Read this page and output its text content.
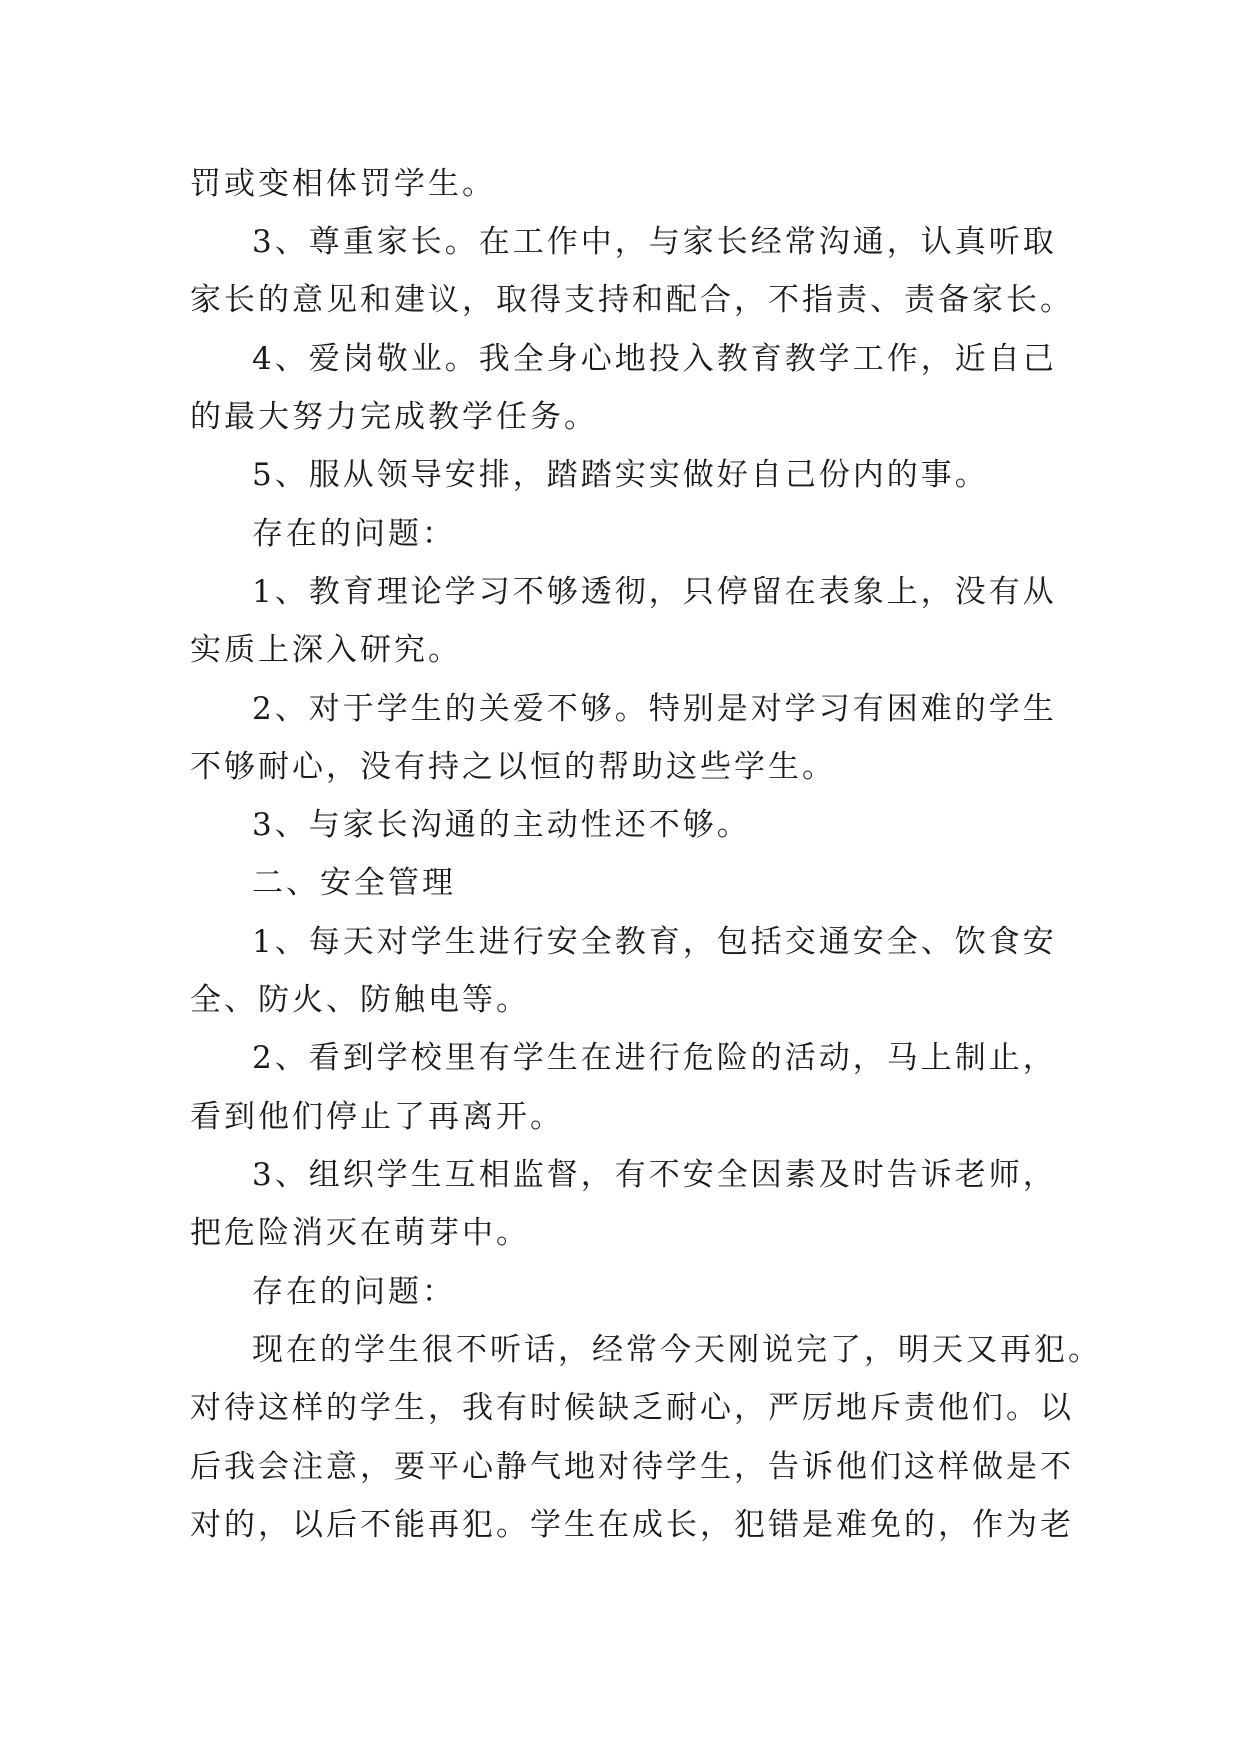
罚或变相体罚学生。
3、尊重家长。在工作中，与家长经常沟通，认真听取
家长的意见和建议，取得支持和配合，不指责、责备家长。
4、爱岗敬业。我全身心地投入教育教学工作，近自己
的最大努力完成教学任务。
5、服从领导安排，踏踏实实做好自己份内的事。
存在的问题：
1、教育理论学习不够透彻，只停留在表象上，没有从
实质上深入研究。
2、对于学生的关爱不够。特别是对学习有困难的学生
不够耐心，没有持之以恒的帮助这些学生。
3、与家长沟通的主动性还不够。
二、安全管理
1、每天对学生进行安全教育，包括交通安全、饮食安
全、防火、防触电等。
2、看到学校里有学生在进行危险的活动，马上制止，
看到他们停止了再离开。
3、组织学生互相监督，有不安全因素及时告诉老师，
把危险消灭在萌芽中。
存在的问题：
现在的学生很不听话，经常今天刚说完了，明天又再犯。
对待这样的学生，我有时候缺乏耐心，严厉地斥责他们。以
后我会注意，要平心静气地对待学生，告诉他们这样做是不
对的，以后不能再犯。学生在成长，犯错是难免的，作为老
